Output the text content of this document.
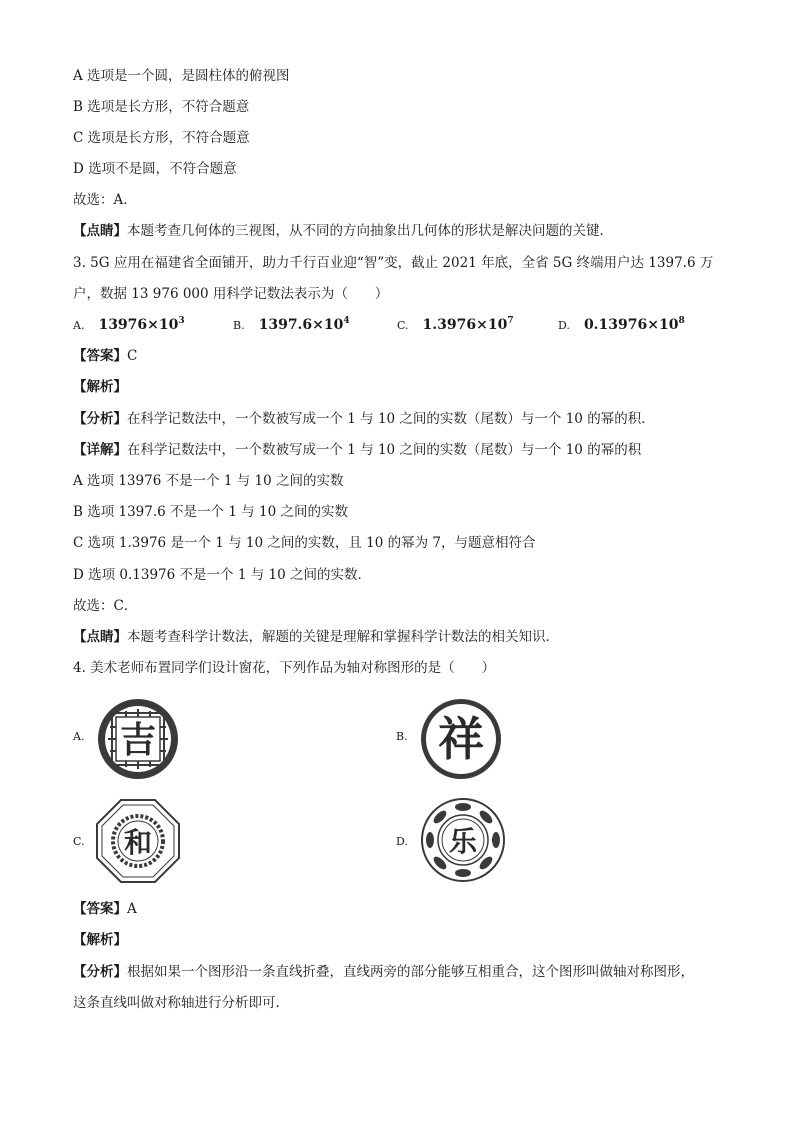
A 选项是一个圆，是圆柱体的俯视图
B 选项是长方形，不符合题意
C 选项是长方形，不符合题意
D 选项不是圆，不符合题意
故选：A．
【点睛】本题考查几何体的三视图，从不同的方向抽象出几何体的形状是解决问题的关键．
3. 5G 应用在福建省全面铺开，助力千行百业迎“智”变，截止 2021 年底，全省 5G 终端用户达 1397.6 万
户，数据 13 976 000 用科学记数法表示为（　　）
A. $13976\times 10^3$	B. $1397.6\times 10^4$	C. $1.3976\times 10^7$	D. $0.13976\times 10^8$
【答案】C
【解析】
【分析】在科学记数法中，一个数被写成一个 1 与 10 之间的实数（尾数）与一个 10 的幂的积．
【详解】在科学记数法中，一个数被写成一个 1 与 10 之间的实数（尾数）与一个 10 的幂的积
A 选项 13976 不是一个 1 与 10 之间的实数
B 选项 1397.6 不是一个 1 与 10 之间的实数
C 选项 1.3976 是一个 1 与 10 之间的实数，且 10 的幂为 7，与题意相符合
D 选项 0.13976 不是一个 1 与 10 之间的实数．
故选：C．
【点睛】本题考查科学计数法，解题的关键是理解和掌握科学计数法的相关知识．
4. 美术老师布置同学们设计窗花，下列作品为轴对称图形的是（　　）
A. 吉	B. 祥
C. 和	D. 乐
【答案】A
【解析】
【分析】根据如果一个图形沿一条直线折叠，直线两旁的部分能够互相重合，这个图形叫做轴对称图形，
这条直线叫做对称轴进行分析即可．
